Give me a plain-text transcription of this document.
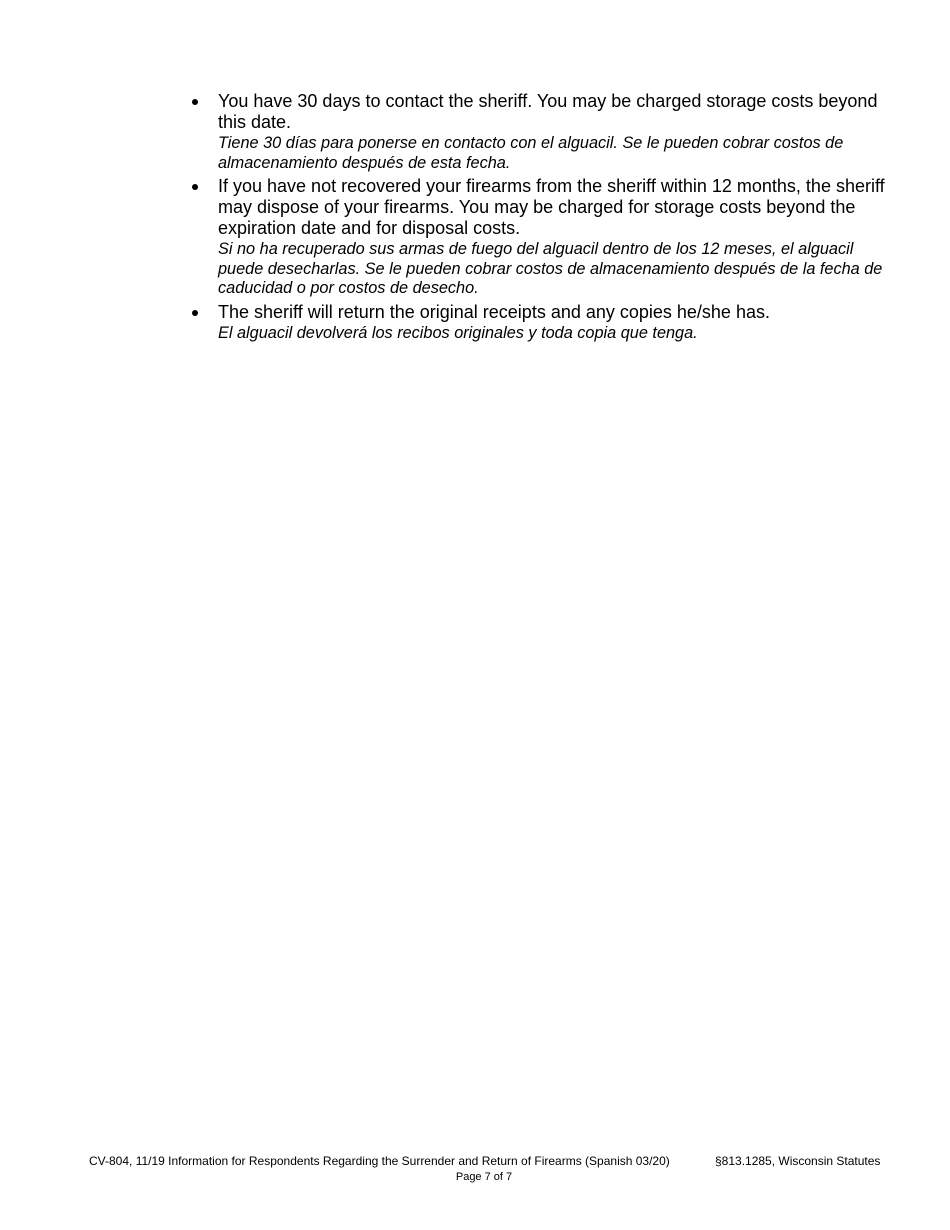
You have 30 days to contact the sheriff. You may be charged storage costs beyond this date.
Tiene 30 días para ponerse en contacto con el alguacil. Se le pueden cobrar costos de almacenamiento después de esta fecha.
If you have not recovered your firearms from the sheriff within 12 months, the sheriff may dispose of your firearms. You may be charged for storage costs beyond the expiration date and for disposal costs.
Si no ha recuperado sus armas de fuego del alguacil dentro de los 12 meses, el alguacil puede desecharlas. Se le pueden cobrar costos de almacenamiento después de la fecha de caducidad o por costos de desecho.
The sheriff will return the original receipts and any copies he/she has.
El alguacil devolverá los recibos originales y toda copia que tenga.
CV-804, 11/19 Information for Respondents Regarding the Surrender and Return of Firearms (Spanish 03/20)	§813.1285, Wisconsin Statutes
Page 7 of 7
